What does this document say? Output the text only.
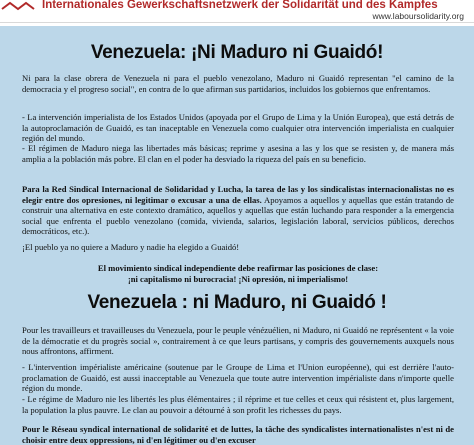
Internationales Gewerkschaftsnetzwerk der Solidarität und des Kampfes
www.laboursolidarity.org
Venezuela: ¡Ni Maduro ni Guaidó!
Ni para la clase obrera de Venezuela ni para el pueblo venezolano, Maduro ni Guaidó representan "el camino de la democracia y el progreso social", en contra de lo que afirman sus partidarios, incluidos los gobiernos que enfrentamos.
- La intervención imperialista de los Estados Unidos (apoyada por el Grupo de Lima y la Unión Europea), que está detrás de la autoproclamación de Guaidó, es tan inaceptable en Venezuela como cualquier otra intervención imperialista en cualquier región del mundo.
- El régimen de Maduro niega las libertades más básicas; reprime y asesina a las y los que se resisten y, de manera más amplia a la población más pobre. El clan en el poder ha desviado la riqueza del país en su beneficio.
Para la Red Sindical Internacional de Solidaridad y Lucha, la tarea de las y los sindicalistas internacionalistas no es elegir entre dos opresiones, ni legitimar o excusar a una de ellas. Apoyamos a aquellos y aquellas que están tratando de construir una alternativa en este contexto dramático, aquellos y aquellas que están luchando para responder a la emergencia social que enfrenta el pueblo venezolano (comida, vivienda, salarios, legislación laboral, servicios públicos, derechos democráticos, etc.).
¡El pueblo ya no quiere a Maduro y nadie ha elegido a Guaidó!
El movimiento sindical independiente debe reafirmar las posiciones de clase:
¡ni capitalismo ni burocracia! ¡Ni opresión, ni imperialismo!
Venezuela : ni Maduro, ni Guaidó !
Pour les travailleurs et travailleuses du Venezuela, pour le peuple vénézuélien, ni Maduro, ni Guaidó ne représentent « la voie de la démocratie et du progrès social », contrairement à ce que leurs partisans, y compris des gouvernements auxquels nous nous affrontons, affirment.
- L'intervention impérialiste américaine (soutenue par le Groupe de Lima et l'Union européenne), qui est derrière l'auto-proclamation de Guaidó, est aussi inacceptable au Venezuela que toute autre intervention impérialiste dans n'importe quelle région du monde.
- Le régime de Maduro nie les libertés les plus élémentaires ; il réprime et tue celles et ceux qui résistent et, plus largement, la population la plus pauvre. Le clan au pouvoir a détourné à son profit les richesses du pays.
Pour le Réseau syndical international de solidarité et de luttes, la tâche des syndicalistes internationalistes n'est ni de choisir entre deux oppressions, ni d'en légitimer ou d'en excuser
